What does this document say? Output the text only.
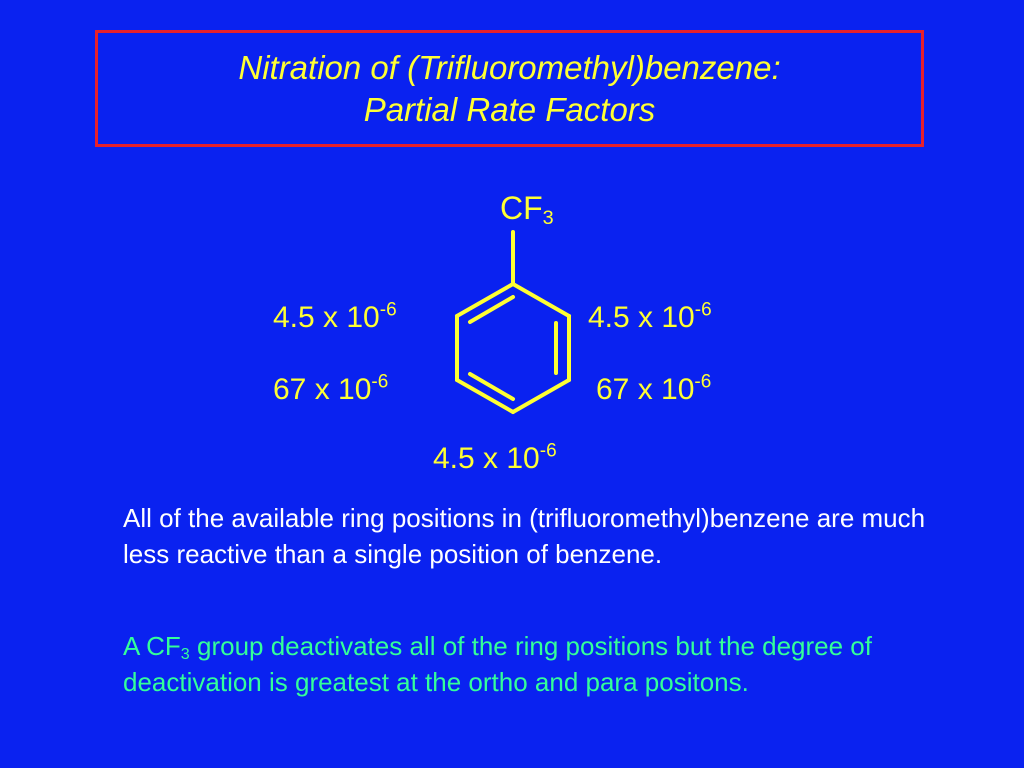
Nitration of (Trifluoromethyl)benzene:
Partial Rate Factors
$CF_3$
4.5 x $10^{-6}$	4.5 x $10^{-6}$
67 x $10^{-6}$	67 x $10^{-6}$
4.5 x $10^{-6}$
All of the available ring positions in (trifluoromethyl)benzene are much less reactive than a single position of benzene.
A $CF_3$ group deactivates all of the ring positions but the degree of deactivation is greatest at the ortho and para positons.
